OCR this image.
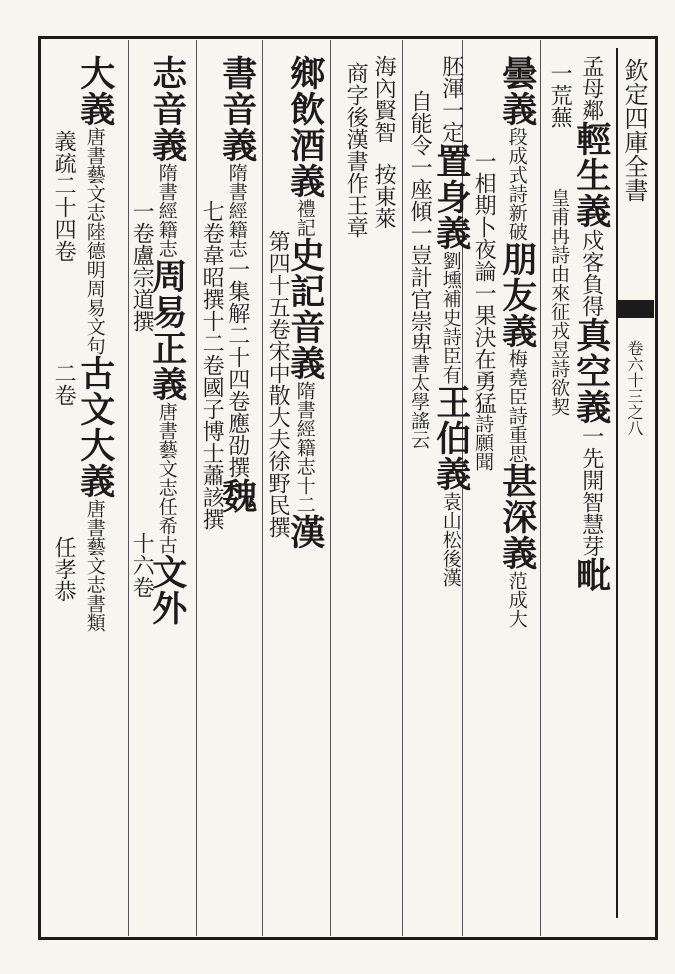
欽定四庫全書
卷六十三之八
孟母鄰輕生義戍客負得真空義一先開智慧芽毗
一荒蕪皇甫冉詩由來征戎昱詩欲契
曇義段成式詩新破朋友義梅堯臣詩重思甚深義范成大
一相期卜夜論一果決在勇猛詩願聞
胚渾一定置身義劉壎補史詩臣有王伯義袁山松後漢
自能令一座傾一豈計官崇卑書太學謠云
海內賢智按東萊
商字後漢書作王章
鄉飲酒義禮記史記音義隋書經籍志十二漢
第四十五卷宋中散大夫徐野民撰
書音義隋書經籍志一集解二十四卷應劭撰魏
七卷韋昭撰十二卷國子博士蕭該撰
志音義隋書經籍志周易正義唐書藝文志任希古文外
一卷盧宗道撰十六卷
大義唐書藝文志陸德明周易文句古文大義唐書藝文志書類
義疏二十四卷二卷任孝恭
